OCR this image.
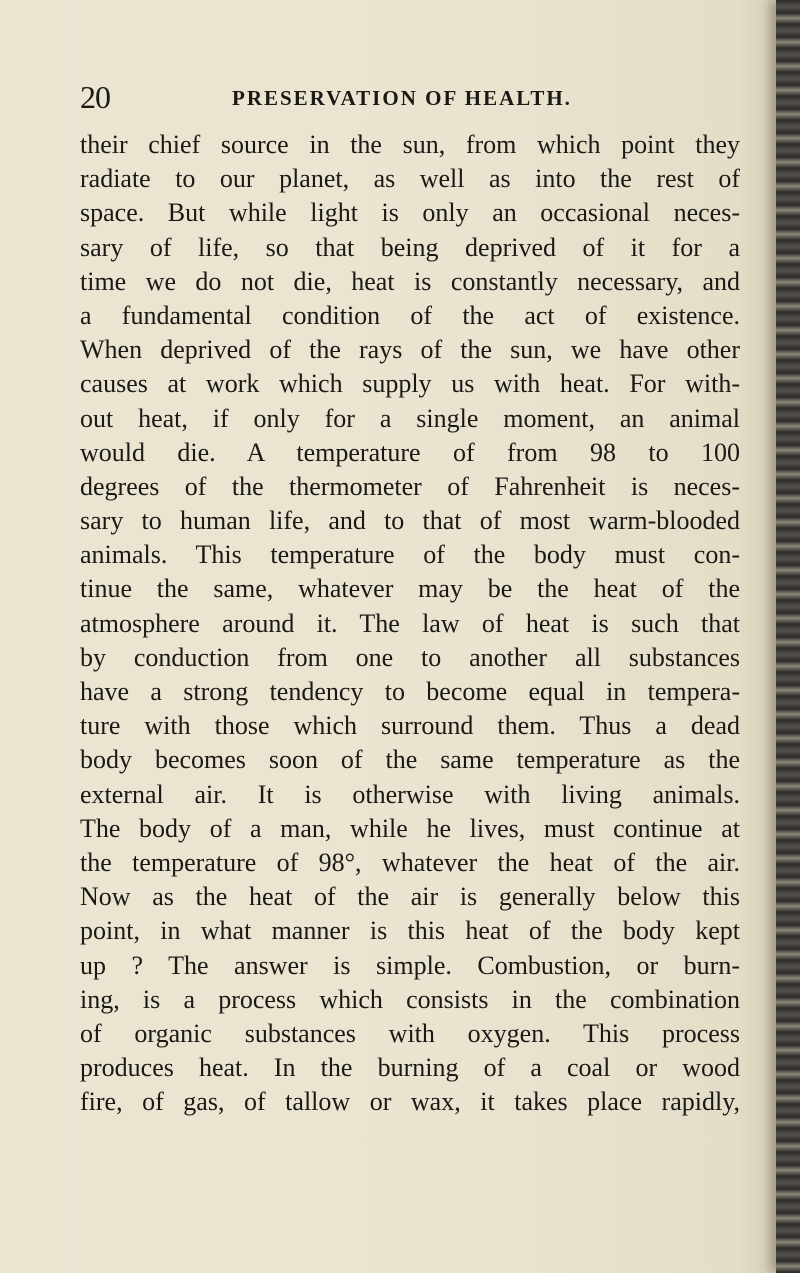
20	PRESERVATION OF HEALTH.
their chief source in the sun, from which point they
radiate to our planet, as well as into the rest of
space. But while light is only an occasional neces-
sary of life, so that being deprived of it for a
time we do not die, heat is constantly necessary, and
a fundamental condition of the act of existence.
When deprived of the rays of the sun, we have other
causes at work which supply us with heat. For with-
out heat, if only for a single moment, an animal
would die. A temperature of from 98 to 100
degrees of the thermometer of Fahrenheit is neces-
sary to human life, and to that of most warm-blooded
animals. This temperature of the body must con-
tinue the same, whatever may be the heat of the
atmosphere around it. The law of heat is such that
by conduction from one to another all substances
have a strong tendency to become equal in tempera-
ture with those which surround them. Thus a dead
body becomes soon of the same temperature as the
external air. It is otherwise with living animals.
The body of a man, while he lives, must continue at
the temperature of 98°, whatever the heat of the air.
Now as the heat of the air is generally below this
point, in what manner is this heat of the body kept
up ? The answer is simple. Combustion, or burn-
ing, is a process which consists in the combination
of organic substances with oxygen. This process
produces heat. In the burning of a coal or wood
fire, of gas, of tallow or wax, it takes place rapidly,
